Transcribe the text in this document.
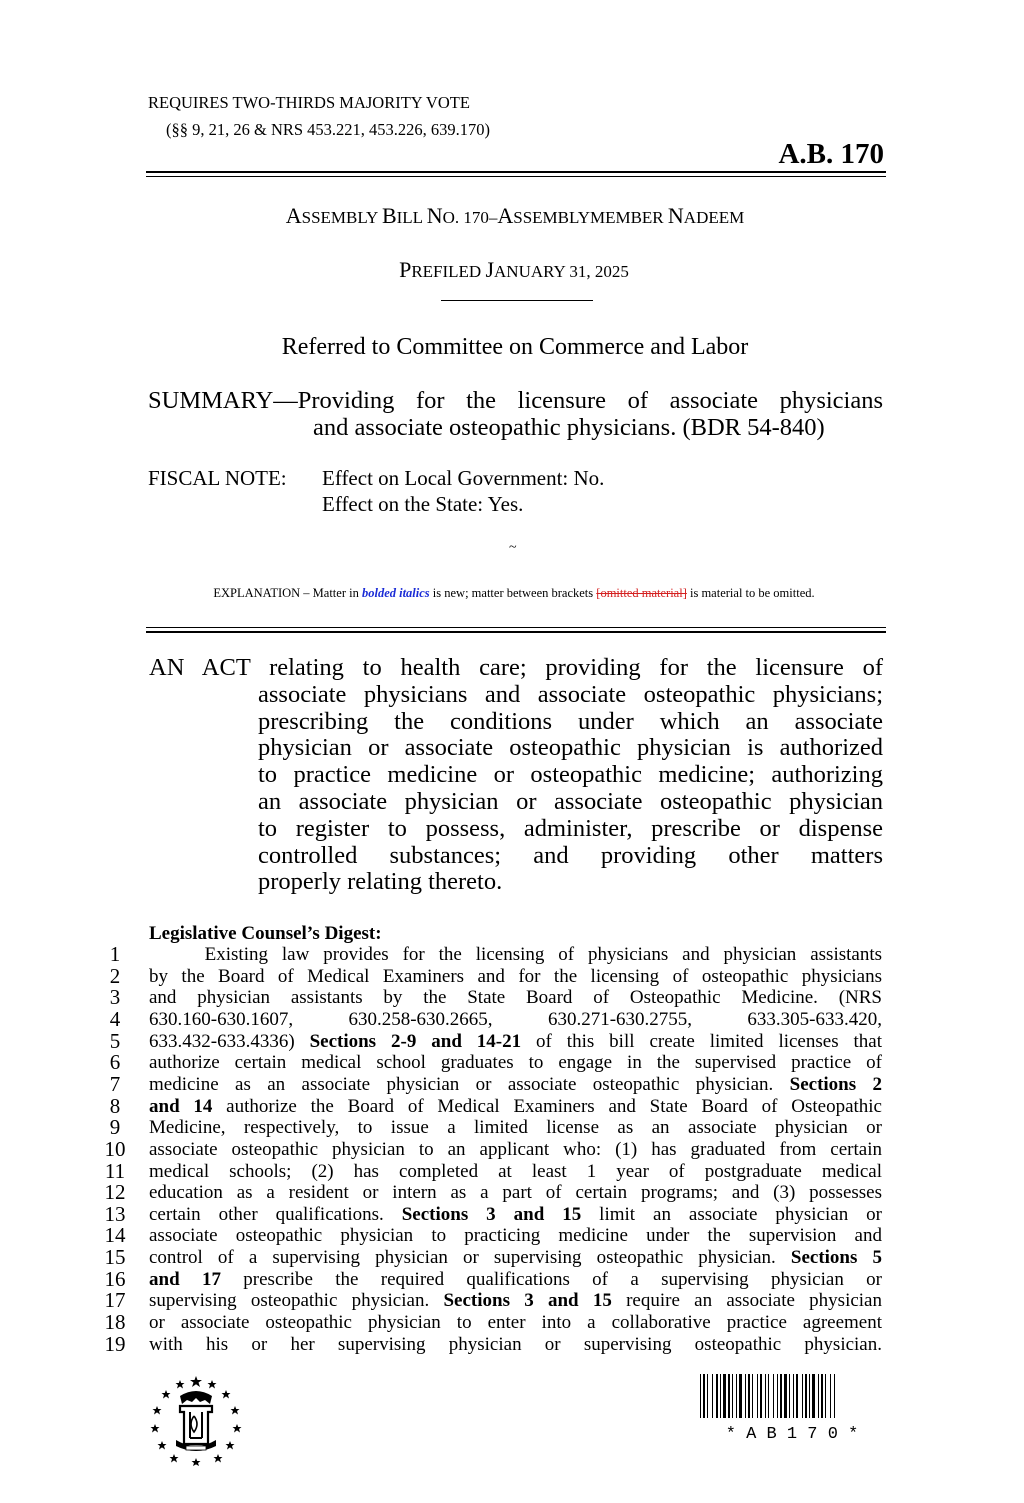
REQUIRES TWO-THIRDS MAJORITY VOTE
(§§ 9, 21, 26 & NRS 453.221, 453.226, 639.170)
A.B. 170
ASSEMBLY BILL NO. 170–ASSEMBLYMEMBER NADEEM
PREFILED JANUARY 31, 2025
Referred to Committee on Commerce and Labor
SUMMARY—Providing for the licensure of associate physicians
and associate osteopathic physicians. (BDR 54-840)
FISCAL NOTE: Effect on Local Government: No.
Effect on the State: Yes.
~
EXPLANATION – Matter in bolded italics is new; matter between brackets [omitted material] is material to be omitted.
AN ACT relating to health care; providing for the licensure of
associate physicians and associate osteopathic physicians;
prescribing the conditions under which an associate
physician or associate osteopathic physician is authorized
to practice medicine or osteopathic medicine; authorizing
an associate physician or associate osteopathic physician
to register to possess, administer, prescribe or dispense
controlled substances; and providing other matters
properly relating thereto.
Legislative Counsel’s Digest:
1	Existing law provides for the licensing of physicians and physician assistants
2	by the Board of Medical Examiners and for the licensing of osteopathic physicians
3	and physician assistants by the State Board of Osteopathic Medicine. (NRS
4	630.160-630.1607, 630.258-630.2665, 630.271-630.2755, 633.305-633.420,
5	633.432-633.4336) Sections 2-9 and 14-21 of this bill create limited licenses that
6	authorize certain medical school graduates to engage in the supervised practice of
7	medicine as an associate physician or associate osteopathic physician. Sections 2
8	and 14 authorize the Board of Medical Examiners and State Board of Osteopathic
9	Medicine, respectively, to issue a limited license as an associate physician or
10 associate osteopathic physician to an applicant who: (1) has graduated from certain
11 medical schools; (2) has completed at least 1 year of postgraduate medical
12 education as a resident or intern as a part of certain programs; and (3) possesses
13 certain other qualifications. Sections 3 and 15 limit an associate physician or
14 associate osteopathic physician to practicing medicine under the supervision and
15 control of a supervising physician or supervising osteopathic physician. Sections 5
16 and 17 prescribe the required qualifications of a supervising physician or
17 supervising osteopathic physician. Sections 3 and 15 require an associate physician
18 or associate osteopathic physician to enter into a collaborative practice agreement
19 with his or her supervising physician or supervising osteopathic physician.
* A B 1 7 0 *
